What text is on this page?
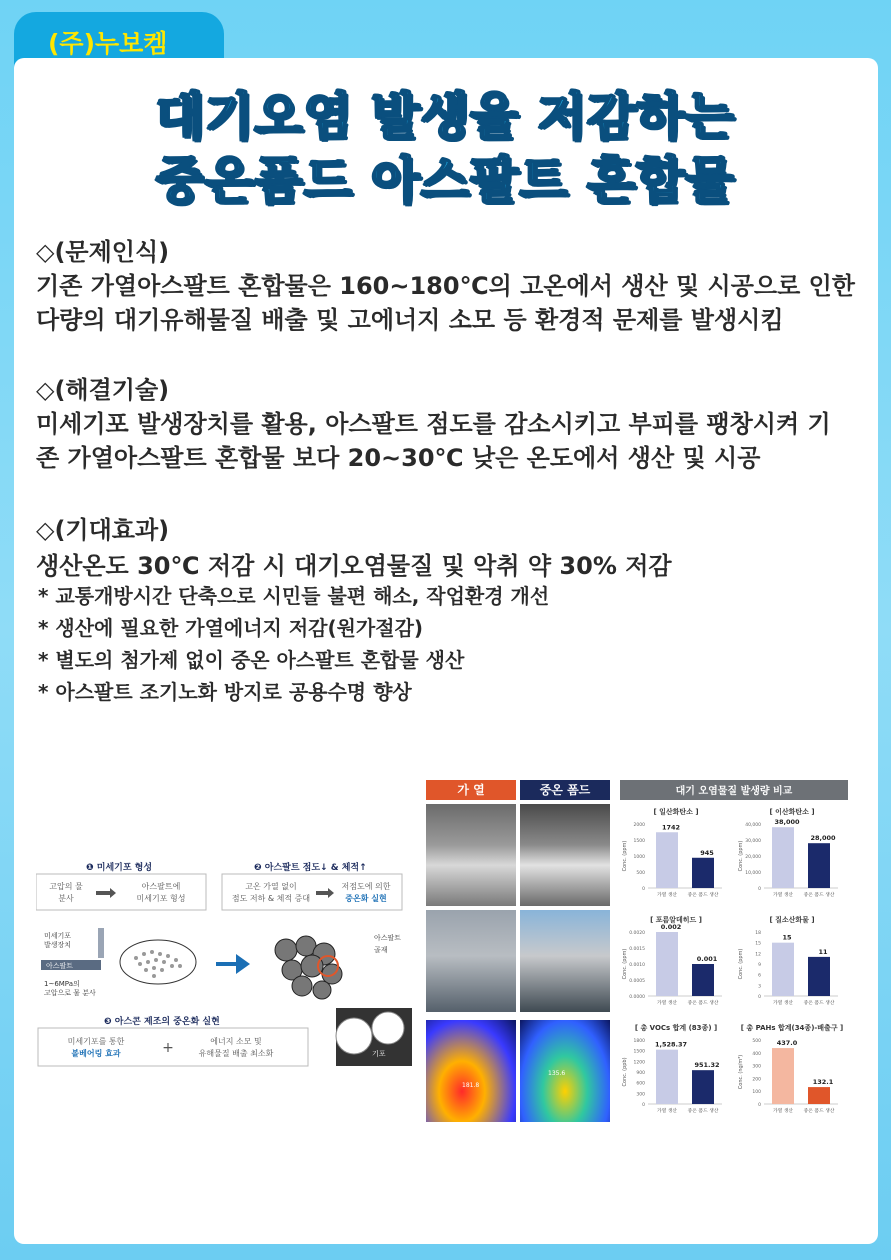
(주)누보켐
대기오염 발생을 저감하는
중온폼드 아스팔트 혼합물
◇(문제인식)
기존 가열아스팔트 혼합물은 160~180℃의 고온에서 생산 및 시공으로 인한
다량의 대기유해물질 배출 및 고에너지 소모 등 환경적 문제를 발생시킴
◇(해결기술)
미세기포 발생장치를 활용, 아스팔트 점도를 감소시키고 부피를 팽창시켜 기
존 가열아스팔트 혼합물 보다 20~30℃ 낮은 온도에서 생산 및 시공
◇(기대효과)
생산온도 30℃ 저감 시 대기오염물질 및 악취 약 30% 저감
* 교통개방시간 단축으로 시민들 불편 해소, 작업환경 개선
* 생산에 필요한 가열에너지 저감(원가절감)
* 별도의 첨가제 없이 중온 아스팔트 혼합물 생산
* 아스팔트 조기노화 방지로 공용수명 향상
❶ 미세기포 형성
고압의 물
분사
아스팔트에
미세기포 형성
❷ 아스팔트 점도↓ & 체적↑
고온 가열 없이
점도 저하 & 체적 증대
저점도에 의한
중온화 실현
미세기포
발생장치
아스팔트
1~6MPa의
고압으로 물 분사
아스팔트
골재
기포
❸ 아스콘 제조의 중온화 실현
미세기포를 통한
볼베어링 효과	+	에너지 소모 및
유해물질 배출 최소화
가 열	중온 폼드
181.8
135.6
대기 오염물질 발생량 비교
[ 일산화탄소 ]
Conc. (ppm)
0
500
1000
1500
2000	1742
가열 생산
945
중온 폼드 생산
[ 이산화탄소 ]
Conc. (ppm)
0
10,000
20,000
30,000
40,000 38,000
가열 생산
28,000
중온 폼드 생산
[ 포름알데히드 ]
Conc. (ppm)
0.0000
0.0005
0.0010
0.0015
0.0020
0.002
가열 생산
0.001
중온 폼드 생산
[ 질소산화물 ]
Conc. (ppm)
0
3
6
9
12
15
18
15
가열 생산
11
중온 폼드 생산
[ 총 VOCs 합계 (83종) ]
Conc. (ppb)
0
300
600
900
1200
1500
1800 1,528.37
가열 생산
951.32
중온 폼드 생산
[ 총 PAHs 합계(34종)-배출구 ]
Conc. (ng/m³)
0
100
200
300
400
500 437.0
가열 생산
132.1
중온 폼드 생산
